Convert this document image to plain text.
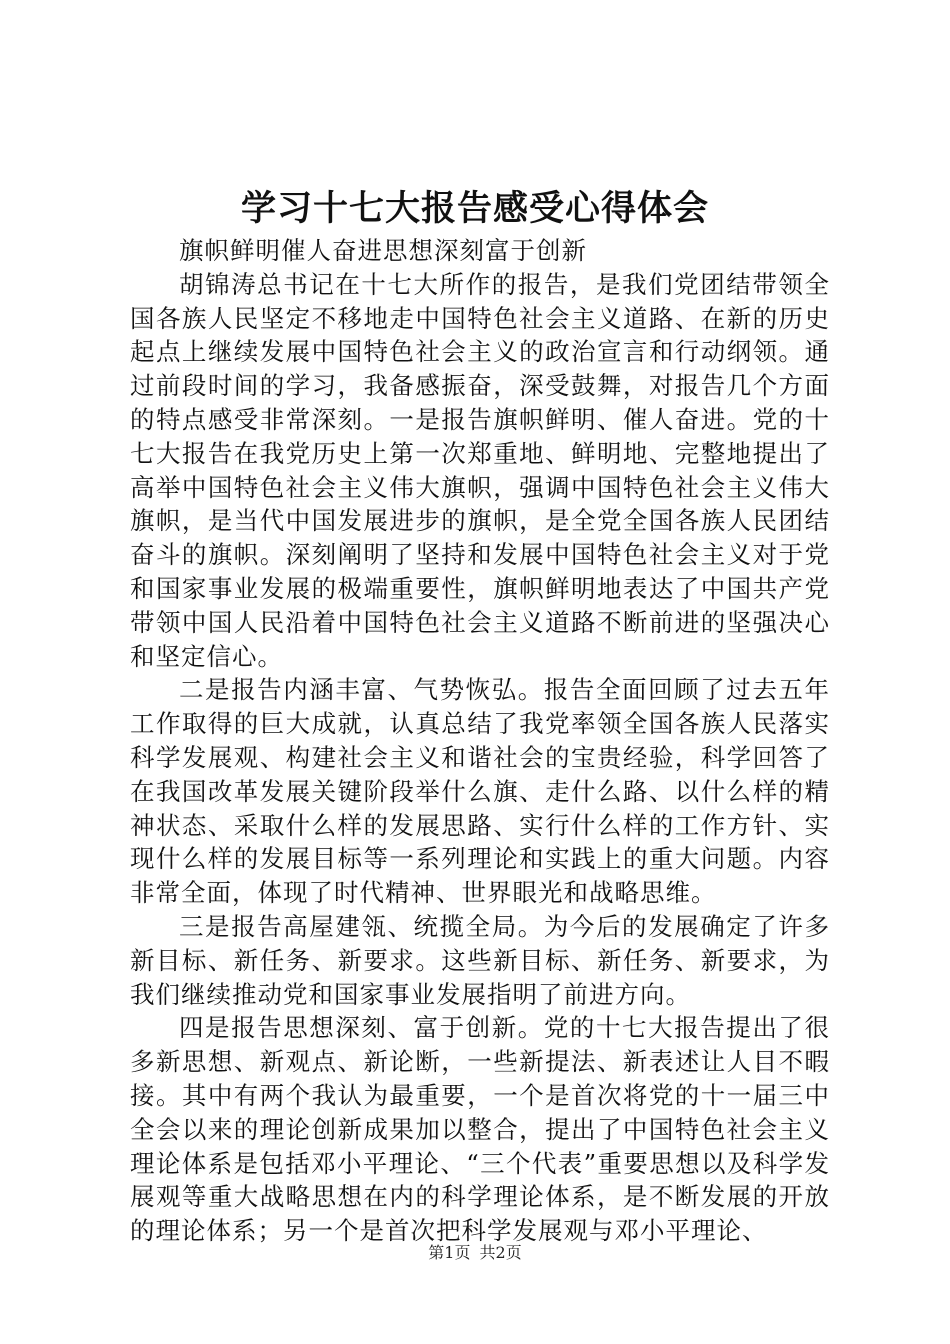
学习十七大报告感受心得体会

旗帜鲜明催人奋进思想深刻富于创新

胡锦涛总书记在十七大所作的报告，是我们党团结带领全国各族人民坚定不移地走中国特色社会主义道路、在新的历史起点上继续发展中国特色社会主义的政治宣言和行动纲领。通过前段时间的学习，我备感振奋，深受鼓舞，对报告几个方面的特点感受非常深刻。一是报告旗帜鲜明、催人奋进。党的十七大报告在我党历史上第一次郑重地、鲜明地、完整地提出了高举中国特色社会主义伟大旗帜，强调中国特色社会主义伟大旗帜，是当代中国发展进步的旗帜，是全党全国各族人民团结奋斗的旗帜。深刻阐明了坚持和发展中国特色社会主义对于党和国家事业发展的极端重要性，旗帜鲜明地表达了中国共产党带领中国人民沿着中国特色社会主义道路不断前进的坚强决心和坚定信心。

二是报告内涵丰富、气势恢弘。报告全面回顾了过去五年工作取得的巨大成就，认真总结了我党率领全国各族人民落实科学发展观、构建社会主义和谐社会的宝贵经验，科学回答了在我国改革发展关键阶段举什么旗、走什么路、以什么样的精神状态、采取什么样的发展思路、实行什么样的工作方针、实现什么样的发展目标等一系列理论和实践上的重大问题。内容非常全面，体现了时代精神、世界眼光和战略思维。

三是报告高屋建瓴、统揽全局。为今后的发展确定了许多新目标、新任务、新要求。这些新目标、新任务、新要求，为我们继续推动党和国家事业发展指明了前进方向。

四是报告思想深刻、富于创新。党的十七大报告提出了很多新思想、新观点、新论断，一些新提法、新表述让人目不暇接。其中有两个我认为最重要，一个是首次将党的十一届三中全会以来的理论创新成果加以整合，提出了中国特色社会主义理论体系是包括邓小平理论、“三个代表”重要思想以及科学发展观等重大战略思想在内的科学理论体系，是不断发展的开放的理论体系；另一个是首次把科学发展观与邓小平理论、

第1页 共2页
